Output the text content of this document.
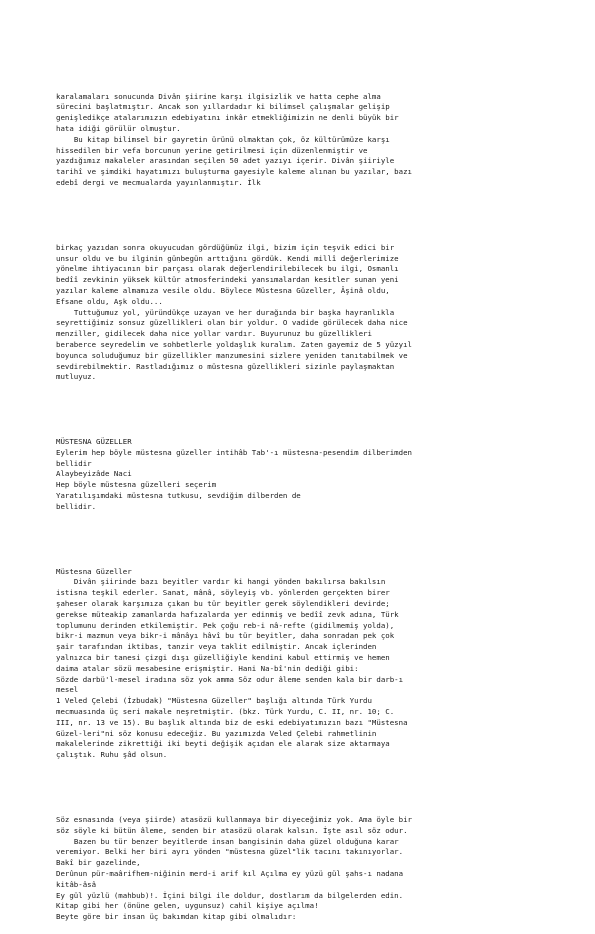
karalamaları sonucunda Divân şiirine karşı ilgisizlik ve hatta cephe alma
sürecini başlatmıştır. Ancak son yıllardadır ki bilimsel çalışmalar gelişip
genişledikçe atalarımızın edebiyatını inkâr etmekliğimizin ne denli büyük bir
hata idiği görülür olmuştur.
Bu kitap bilimsel bir gayretin ürünü olmaktan çok, öz kültürümüze karşı
hissedilen bir vefa borcunun yerine getirilmesi için düzenlenmiştir ve
yazdığımız makaleler arasından seçilen 50 adet yazıyı içerir. Divân şiiriyle
tarihî ve şimdiki hayatımızı buluşturma gayesiyle kaleme alınan bu yazılar, bazı
edebî dergi ve mecmualarda yayınlanmıştır. İlk

birkaç yazıdan sonra okuyucudan gördüğümüz ilgi, bizim için teşvik edici bir
unsur oldu ve bu ilginin günbegün arttığını gördük. Kendi millî değerlerimize
yönelme ihtiyacının bir parçası olarak değerlendirilebilecek bu ilgi, Osmanlı
bedîî zevkinin yüksek kültür atmosferindeki yansımalardan kesitler sunan yeni
yazılar kaleme almamıza vesile oldu. Böylece Müstesna Güzeller, Âşinâ oldu,
Efsane oldu, Aşk oldu...
Tuttuğumuz yol, yüründükçe uzayan ve her durağında bir başka hayranlıkla
seyrettiğimiz sonsuz güzellikleri olan bir yoldur. O vadide görülecek daha nice
menziller, gidilecek daha nice yollar vardır. Buyurunuz bu güzellikleri
beraberce seyredelim ve sohbetlerle yoldaşlık kuralım. Zaten gayemiz de 5 yüzyıl
boyunca soluduğumuz bir güzellikler manzumesini sizlere yeniden tanıtabilmek ve
sevdirebilmektir. Rastladığımız o müstesna güzellikleri sizinle paylaşmaktan
mutluyuz.

MÜSTESNA GÜZELLER
Eylerim hep böyle müstesna güzeller intihâb Tab'-ı müstesna-pesendim dilberimden
bellidir
Alaybeyizâde Naci
Hep böyle müstesna güzelleri seçerim
Yaratılışımdaki müstesna tutkusu, sevdiğim dilberden de
bellidir.

Müstesna Güzeller
Divân şiirinde bazı beyitler vardır ki hangi yönden bakılırsa bakılsın
istisna teşkil ederler. Sanat, mânâ, söyleyiş vb. yönlerden gerçekten birer
şaheser olarak karşımıza çıkan bu tür beyitler gerek söylendikleri devirde;
gerekse müteakip zamanlarda hafızalarda yer edinmiş ve bedîî zevk adına, Türk
toplumunu derinden etkilemiştir. Pek çoğu reb-i nâ-refte (gidilmemiş yolda),
bikr-i mazmun veya bikr-i mânâyı hâvî bu tür beyitler, daha sonradan pek çok
şair tarafından iktibas, tanzir veya taklit edilmiştir. Ancak içlerinden
yalnızca bir tanesi çizgi dışı güzelliğiyle kendini kabul ettirmiş ve hemen
daima atalar sözü mesabesine erişmiştir. Hani Na-bî'nin dediği gibi:
Sözde darbü'l-mesel iradına söz yok amma Söz odur âleme senden kala bir darb-ı
mesel
1 Veled Çelebi (İzbudak) "Müstesna Güzeller" başlığı altında Türk Yurdu
mecmuasında üç seri makale neşretmiştir. (bkz. Türk Yurdu, C. II, nr. 10; C.
III, nr. 13 ve 15). Bu başlık altında biz de eski edebiyatımızın bazı "Müstesna
Güzel-leri"ni söz konusu edeceğiz. Bu yazımızda Veled Çelebi rahmetlinin
makalelerinde zikrettiği iki beyti değişik açıdan ele alarak size aktarmaya
çalıştık. Ruhu şâd olsun.

Söz esnasında (veya şiirde) atasözü kullanmaya bir diyeceğimiz yok. Ama öyle bir
söz söyle ki bütün âleme, senden bir atasözü olarak kalsın. İşte asıl söz odur.
Bazen bu tür benzer beyitlerde insan bangisinin daha güzel olduğuna karar
veremiyor. Belki her biri ayrı yönden "müstesna güzel"lik tacını takınıyorlar.
Bakî bir gazelinde,
Derûnun pür-maârifhem-niğinin merd-i arif kıl Açılma ey yüzü gül şahs-ı nadana
kitâb-âsâ
Ey gül yüzlü (mahbub)!. İçini bilgi ile doldur, dostlarım da bilgelerden edin.
Kitap gibi her (önüne gelen, uygunsuz) cahil kişiye açılma!
Beyte göre bir insan üç bakımdan kitap gibi olmalıdır:
